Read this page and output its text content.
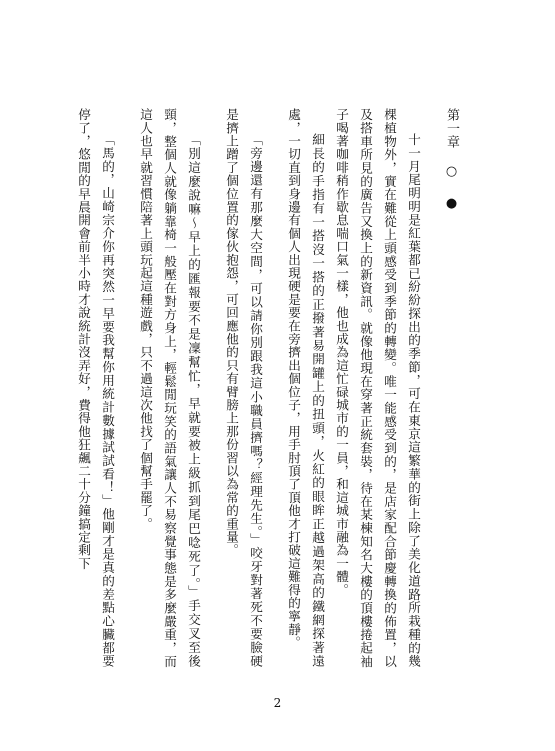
第一章 ○ ●

十一月尾明明是紅葉都已紛紛探出的季節，可在東京這繁華的街上除了美化道路所栽種的幾棵植物外，實在難從上頭感受到季節的轉變。唯一能感受到的，是店家配合節慶轉換的佈置，以及搭車所見的廣告又換上的新資訊。就像他現在穿著正統套裝，待在某棟知名大樓的頂樓捲起袖子喝著咖啡稍作歇息喘口氣一樣，他也成為這忙碌城市的一員，和這城市融為一體。

細長的手指有一搭沒一搭的正撥著易開罐上的扭頭，火紅的眼眸正越過架高的鐵網探著遠處，一切直到身邊有個人出現硬是要在旁擠出個位子，用手肘頂了頂他才打破這難得的寧靜。

「旁邊還有那麼大空間，可以請你別跟我這小職員擠嗎？經理先生。」咬牙對著死不要臉硬是擠上蹭了個位置的傢伙抱怨，可回應他的只有臂膀上那份習以為常的重量。

「別這麼說嘛～早上的匯報要不是凜幫忙，早就要被上級抓到尾巴唸死了。」手交叉至後頸，整個人就像躺靠椅一般壓在對方身上，輕鬆閒玩笑的語氣讓人不易察覺事態是多麼嚴重，而這人也早就習慣陪著上頭玩起這種遊戲，只不過這次他找了個幫手罷了。

「馬的，山崎宗介你再突然一早要我幫你用統計數據試試看！」他剛才是真的差點心臟都要停了，悠閒的早晨開會前半小時才說統計沒弄好，費得他狂飆二十分鐘搞定剩下

2
